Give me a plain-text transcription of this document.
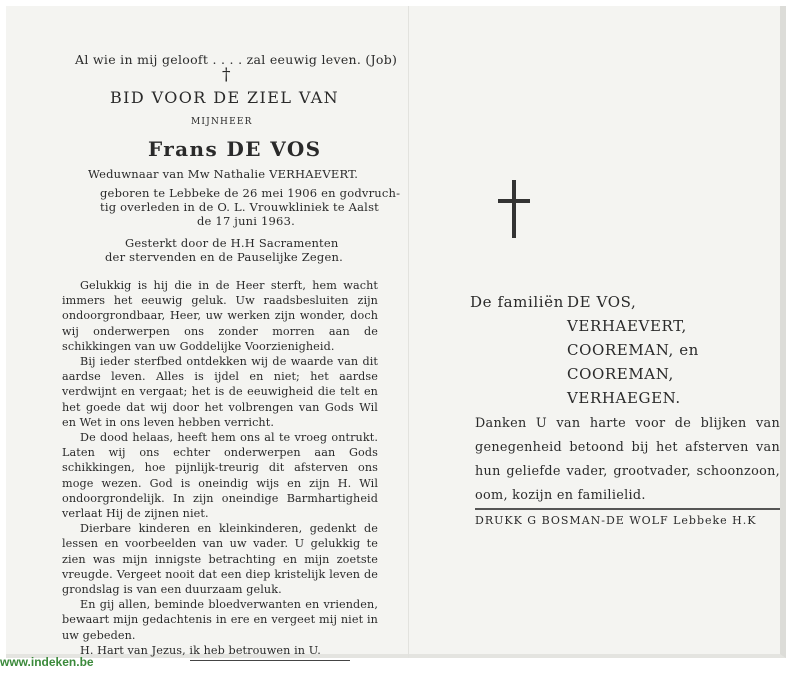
Al wie in mij gelooft . . . . zal eeuwig leven. (Job)
†
BID VOOR DE ZIEL VAN
MIJNHEER
Frans DE VOS
Weduwnaar van Mw Nathalie VERHAEVERT.
geboren te Lebbeke de 26 mei 1906 en godvruch-
tig overleden in de O. L. Vrouwkliniek te Aalst
de 17 juni 1963.
Gesterkt door de H.H Sacramenten
der stervenden en de Pauselijke Zegen.

Gelukkig is hij die in de Heer sterft, hem wacht immers het eeuwig geluk. Uw raadsbesluiten zijn ondoorgrondbaar, Heer, uw werken zijn wonder, doch wij onderwerpen ons zonder morren aan de schikkingen van uw Goddelijke Voorzienigheid.

Bij ieder sterfbed ontdekken wij de waarde van dit aardse leven. Alles is ijdel en niet; het aardse verdwijnt en vergaat; het is de eeuwigheid die telt en het goede dat wij door het volbrengen van Gods Wil en Wet in ons leven hebben verricht.

De dood helaas, heeft hem ons al te vroeg ontrukt. Laten wij ons echter onderwerpen aan Gods schikkingen, hoe pijnlijk-treurig dit afsterven ons moge wezen. God is oneindig wijs en zijn H. Wil ondoorgrondelijk. In zijn oneindige Barmhartigheid verlaat Hij de zijnen niet.

Dierbare kinderen en kleinkinderen, gedenkt de lessen en voorbeelden van uw vader. U gelukkig te zien was mijn innigste betrachting en mijn zoetste vreugde. Vergeet nooit dat een diep kristelijk leven de grondslag is van een duurzaam geluk.

En gij allen, beminde bloedverwanten en vrienden, bewaart mijn gedachtenis in ere en vergeet mij niet in uw gebeden.

H. Hart van Jezus, ik heb betrouwen in U.

De familiën DE VOS,
VERHAEVERT,
COOREMAN, en
COOREMAN,
VERHAEGEN.
Danken U van harte voor de blijken van genegenheid betoond bij het afsterven van hun geliefde vader, grootvader, schoonzoon, oom, kozijn en familielid.
DRUKK G BOSMAN-DE WOLF Lebbeke H.K
www.indeken.be
